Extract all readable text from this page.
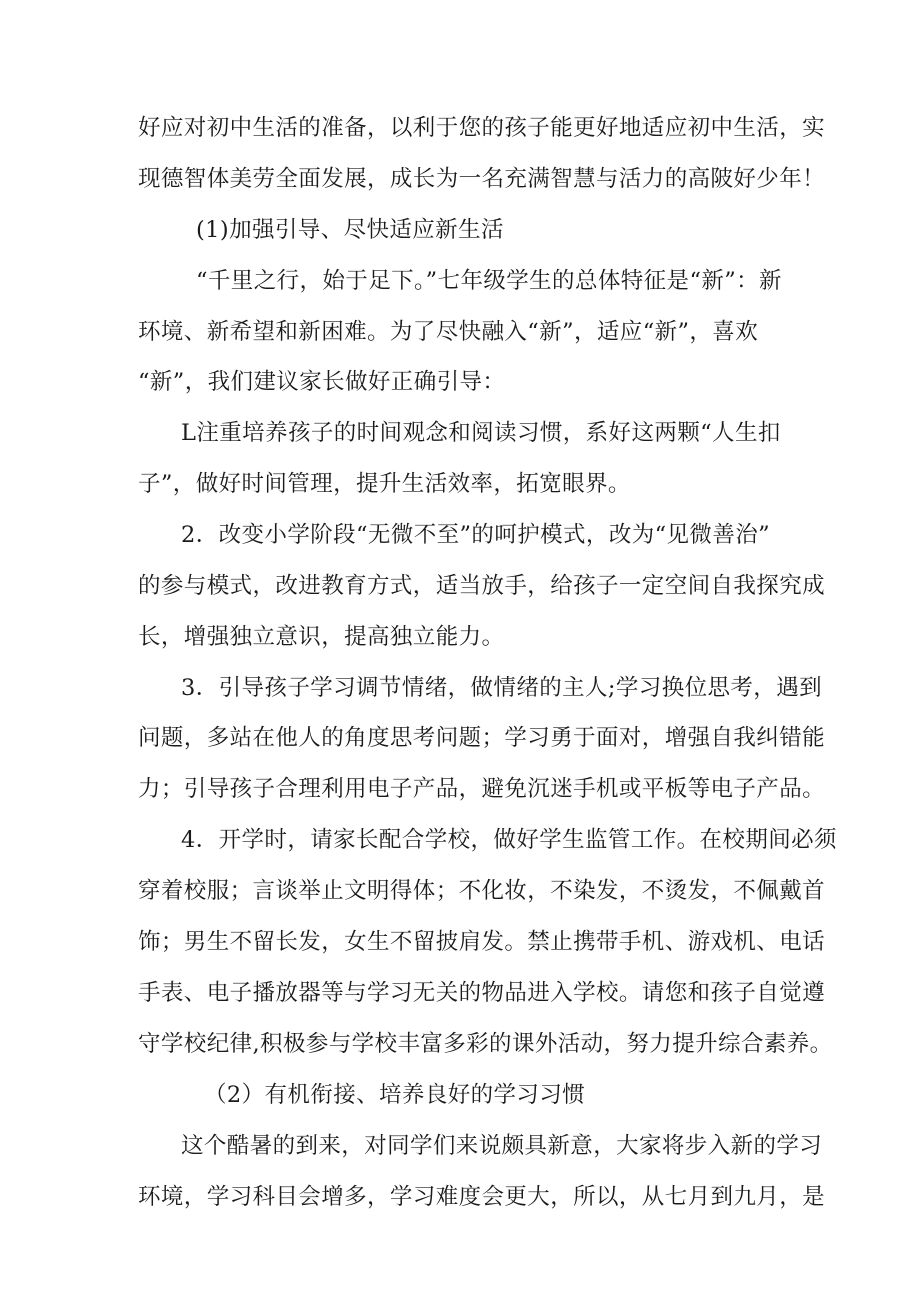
好应对初中生活的准备，以利于您的孩子能更好地适应初中生活，实
现德智体美劳全面发展，成长为一名充满智慧与活力的高陂好少年！
(1)加强引导、尽快适应新生活
“千里之行，始于足下。”七年级学生的总体特征是“新”：新
环境、新希望和新困难。为了尽快融入“新”，适应“新”，喜欢
“新”，我们建议家长做好正确引导：
L注重培养孩子的时间观念和阅读习惯，系好这两颗“人生扣
子”，做好时间管理，提升生活效率，拓宽眼界。
2．改变小学阶段“无微不至”的呵护模式，改为“见微善治”
的参与模式，改进教育方式，适当放手，给孩子一定空间自我探究成
长，增强独立意识，提高独立能力。
3．引导孩子学习调节情绪，做情绪的主人;学习换位思考，遇到
问题，多站在他人的角度思考问题；学习勇于面对，增强自我纠错能
力；引导孩子合理利用电子产品，避免沉迷手机或平板等电子产品。
4．开学时，请家长配合学校，做好学生监管工作。在校期间必须
穿着校服；言谈举止文明得体；不化妆，不染发，不烫发，不佩戴首
饰；男生不留长发，女生不留披肩发。禁止携带手机、游戏机、电话
手表、电子播放器等与学习无关的物品进入学校。请您和孩子自觉遵
守学校纪律,积极参与学校丰富多彩的课外活动，努力提升综合素养。
（2）有机衔接、培养良好的学习习惯
这个酷暑的到来，对同学们来说颇具新意，大家将步入新的学习
环境，学习科目会增多，学习难度会更大，所以，从七月到九月，是
